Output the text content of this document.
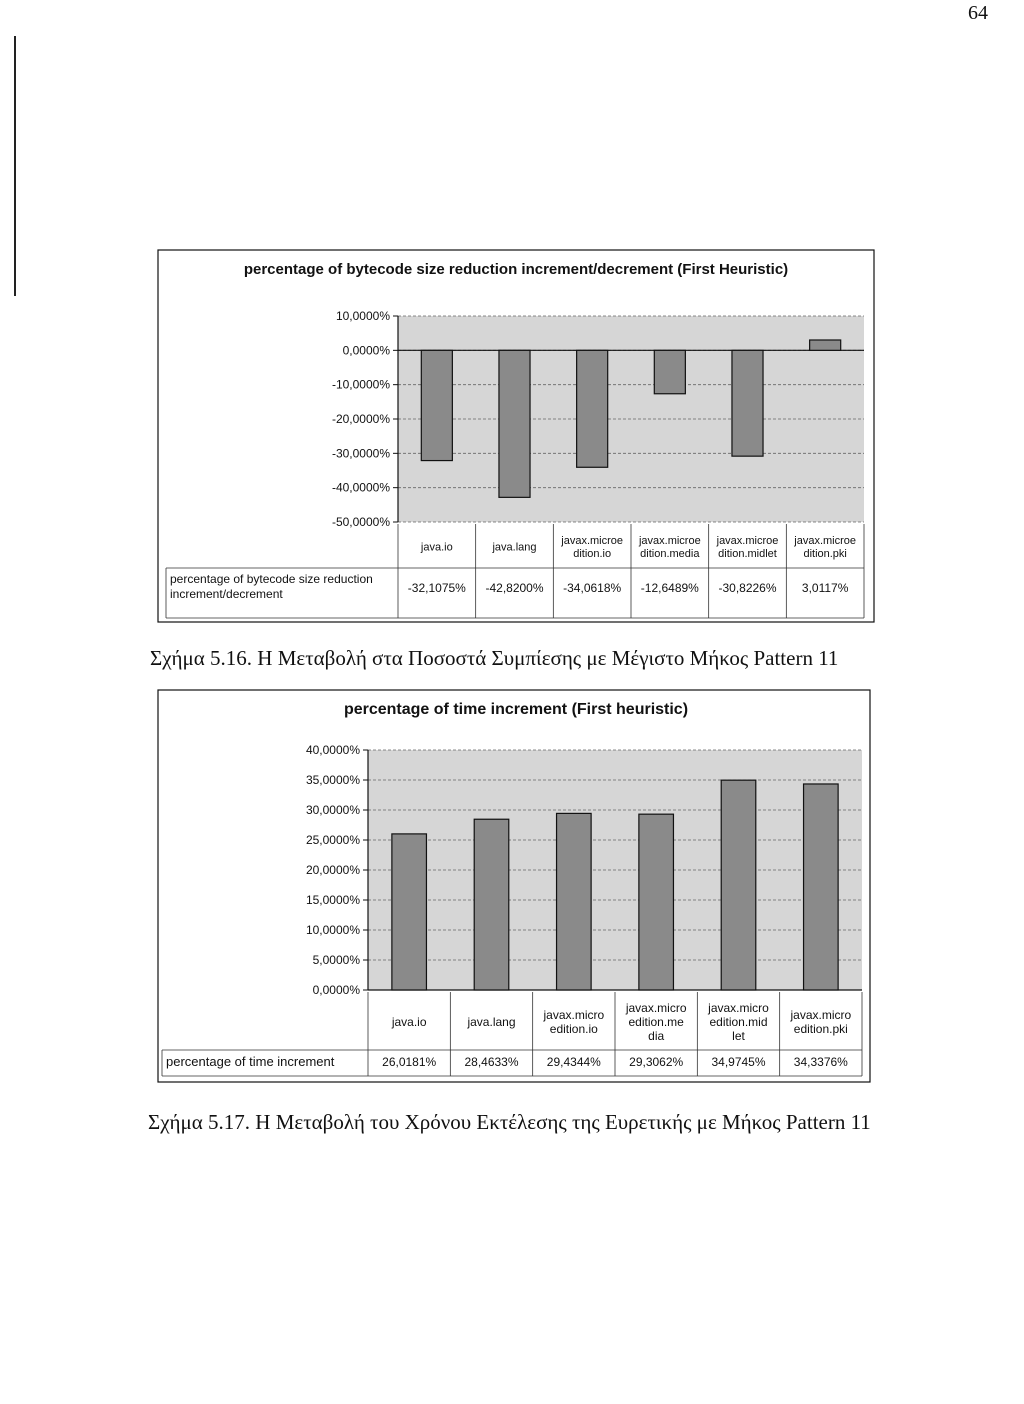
64
percentage of bytecode size reduction increment/decrement (First Heuristic)
10,0000%
0,0000%
-10,0000%
-20,0000%
-30,0000%
-40,0000%
-50,0000%
java.io
-32,1075%
java.lang
-42,8200%
javax.microe
dition.io
-34,0618%
javax.microe
dition.media
-12,6489%
javax.microe
dition.midlet
-30,8226%
javax.microe
dition.pki
3,0117%
percentage of bytecode size reduction
increment/decrement
Σχήμα 5.16. Η Μεταβολή στα Ποσοστά Συμπίεσης με Μέγιστο Μήκος Pattern 11
percentage of time increment (First heuristic)
40,0000%
35,0000%
30,0000%
25,0000%
20,0000%
15,0000%
10,0000%
5,0000%
0,0000%
java.io
26,0181%
java.lang
28,4633%
javax.micro
edition.io
29,4344%
javax.micro
edition.me
dia
29,3062%
javax.micro
edition.mid
let
34,9745%
javax.micro
edition.pki
34,3376%
percentage of time increment
Σχήμα 5.17. Η Μεταβολή του Χρόνου Εκτέλεσης της Ευρετικής με Μήκος Pattern 11
